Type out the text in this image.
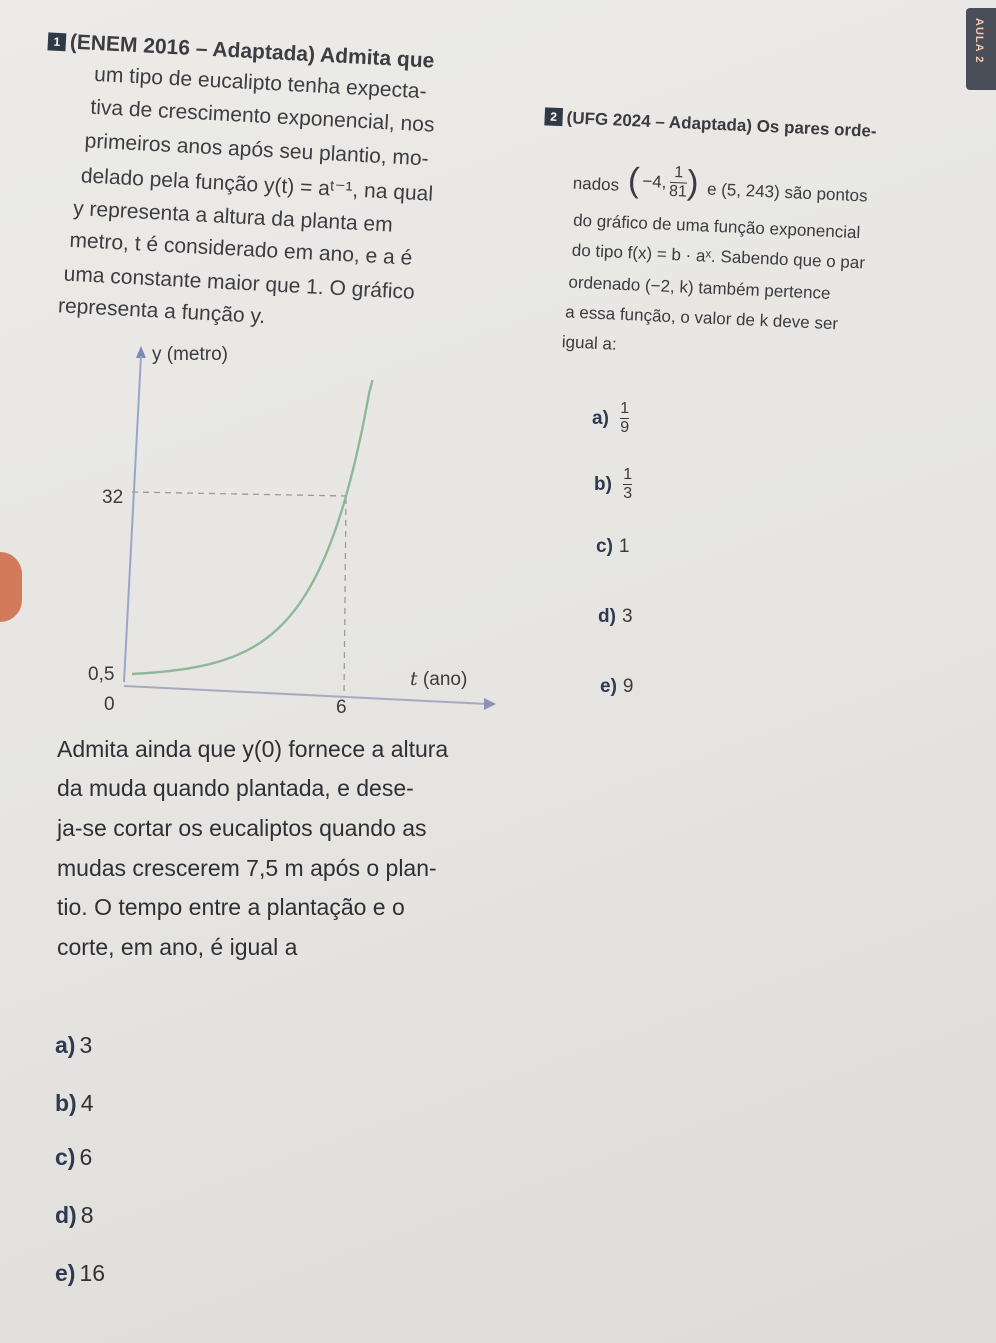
AULA 2
1 (ENEM 2016 – Adaptada) Admita que
um tipo de eucalipto tenha expecta-
tiva de crescimento exponencial, nos
primeiros anos após seu plantio, mo-
delado pela função y(t) = aᵗ⁻¹, na qual
y representa a altura da planta em
metro, t é considerado em ano, e a é
uma constante maior que 1. O gráfico
representa a função y.
y (metro)
32
0,5
0	6
t (ano)
Admita ainda que y(0) fornece a altura
da muda quando plantada, e dese-
ja-se cortar os eucaliptos quando as
mudas crescerem 7,5 m após o plan-
tio. O tempo entre a plantação e o
corte, em ano, é igual a
a) 3
b) 4
c) 6
d) 8
e) 16
2 (UFG 2024 – Adaptada) Os pares orde-
nados ( −4, $\frac{1}{81}$
) e (5, 243) são pontos
do gráfico de uma função exponencial
do tipo f(x) = b · aˣ. Sabendo que o par
ordenado (−2, k) também pertence
a essa função, o valor de k deve ser
igual a:
$a) \frac{1}{9}$
$b) \frac{1}{3}$
c) 1
d) 3
e) 9
